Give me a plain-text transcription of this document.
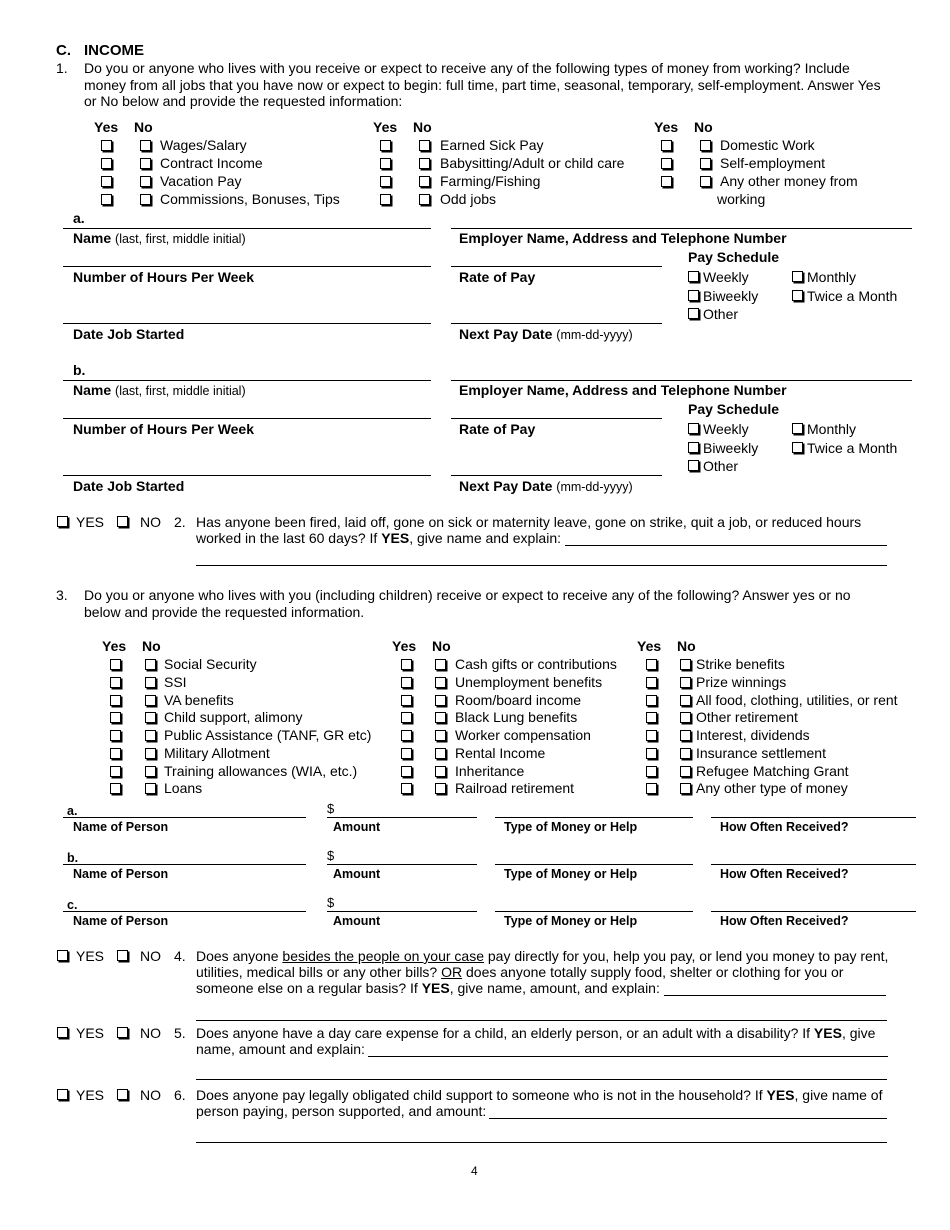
C. INCOME
1. Do you or anyone who lives with you receive or expect to receive any of the following types of money from working? Include money from all jobs that you have now or expect to begin: full time, part time, seasonal, temporary, self-employment. Answer Yes or No below and provide the requested information:
Yes No	Yes No	Yes No
Wages/Salary
Contract Income
Vacation Pay
Commissions, Bonuses, Tips
Earned Sick Pay
Babysitting/Adult or child care
Farming/Fishing
Odd jobs
Domestic Work
Self-employment
Any other money from
working
a.
Name (last, first, middle initial)	Employer Name, Address and Telephone Number
Pay Schedule
Number of Hours Per Week	Rate of Pay	Weekly	Monthly
Biweekly	Twice a Month
Other
Date Job Started	Next Pay Date (mm-dd-yyyy)
b.
Name (last, first, middle initial)	Employer Name, Address and Telephone Number
Pay Schedule
Number of Hours Per Week	Rate of Pay	Weekly	Monthly
Biweekly	Twice a Month
Other
Date Job Started	Next Pay Date (mm-dd-yyyy)
YES	NO 2. Has anyone been fired, laid off, gone on sick or maternity leave, gone on strike, quit a job, or reduced hours
worked in the last 60 days? If YES, give name and explain:
3. Do you or anyone who lives with you (including children) receive or expect to receive any of the following? Answer yes or no below and provide the requested information.
Yes No	Yes No	Yes No
Social Security
SSI
VA benefits
Child support, alimony
Public Assistance (TANF, GR etc)
Military Allotment
Training allowances (WIA, etc.)
Loans
Cash gifts or contributions
Unemployment benefits
Room/board income
Black Lung benefits
Worker compensation
Rental Income
Inheritance
Railroad retirement
Strike benefits
Prize winnings
All food, clothing, utilities, or rent
Other retirement
Interest, dividends
Insurance settlement
Refugee Matching Grant
Any other type of money
a.	$
Name of Person	Amount	Type of Money or Help	How Often Received?
b.	$
Name of Person	Amount	Type of Money or Help	How Often Received?
c.	$
Name of Person	Amount	Type of Money or Help	How Often Received?
YES	NO 4. Does anyone besides the people on your case pay directly for you, help you pay, or lend you money to pay rent,
utilities, medical bills or any other bills? OR does anyone totally supply food, shelter or clothing for you or
someone else on a regular basis? If YES, give name, amount, and explain:
YES	NO 5. Does anyone have a day care expense for a child, an elderly person, or an adult with a disability? If YES, give
name, amount and explain:
YES	NO 6. Does anyone pay legally obligated child support to someone who is not in the household? If YES, give name of
person paying, person supported, and amount:
4
